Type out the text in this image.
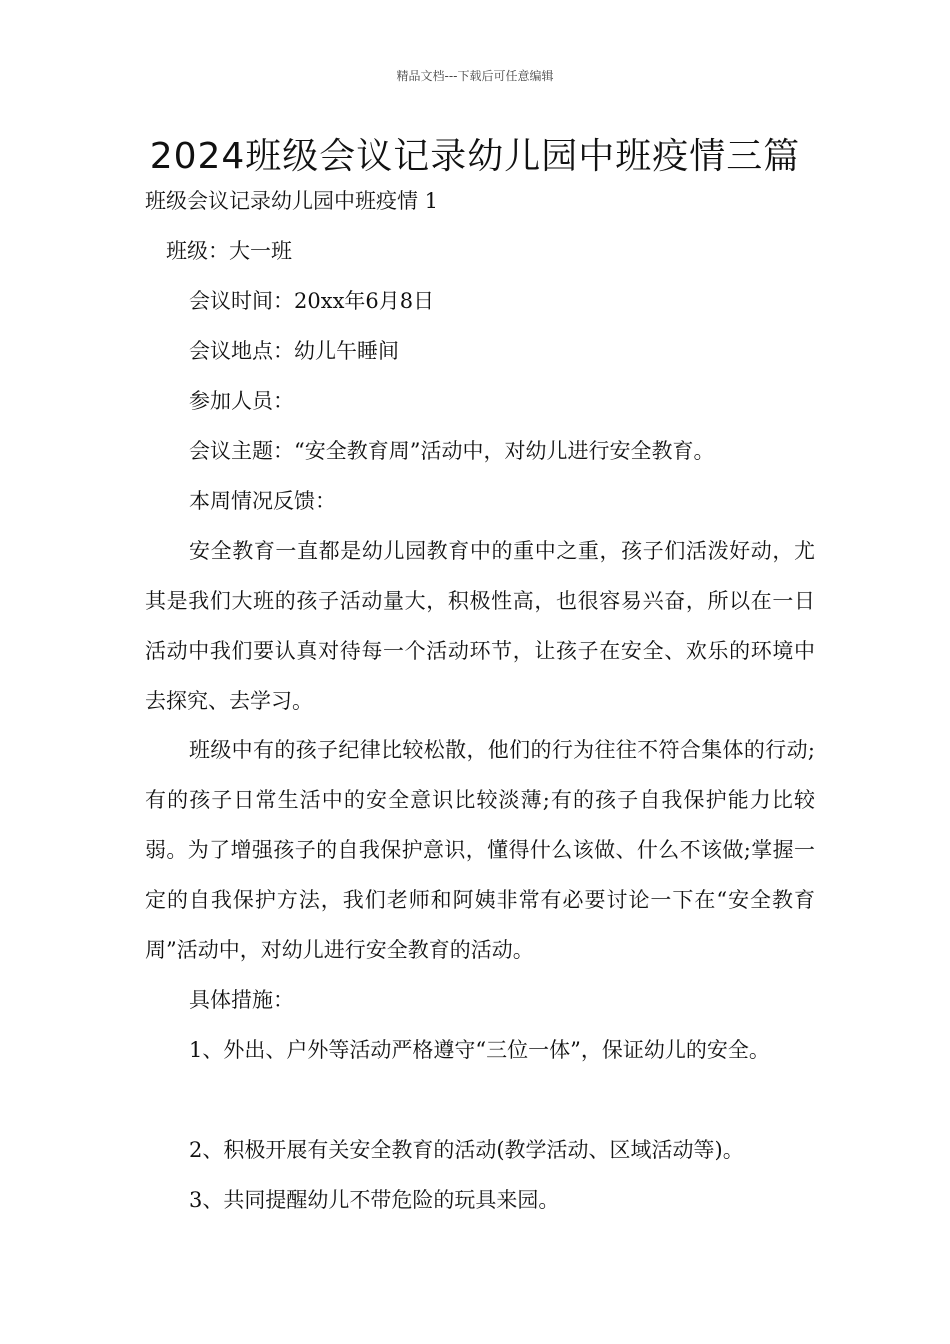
精品文档---下载后可任意编辑
2024班级会议记录幼儿园中班疫情三篇
班级会议记录幼儿园中班疫情 1
班级：大一班
会议时间：20xx年6月8日
会议地点：幼儿午睡间
参加人员：
会议主题：“安全教育周”活动中，对幼儿进行安全教育。
本周情况反馈：

安全教育一直都是幼儿园教育中的重中之重，孩子们活泼好动，尤其是我们大班的孩子活动量大，积极性高，也很容易兴奋，所以在一日活动中我们要认真对待每一个活动环节，让孩子在安全、欢乐的环境中去探究、去学习。

班级中有的孩子纪律比较松散，他们的行为往往不符合集体的行动;有的孩子日常生活中的安全意识比较淡薄;有的孩子自我保护能力比较弱。为了增强孩子的自我保护意识，懂得什么该做、什么不该做;掌握一定的自我保护方法，我们老师和阿姨非常有必要讨论一下在“安全教育周”活动中，对幼儿进行安全教育的活动。

具体措施：
1、外出、户外等活动严格遵守“三位一体”，保证幼儿的安全。
2、积极开展有关安全教育的活动(教学活动、区域活动等)。
3、共同提醒幼儿不带危险的玩具来园。
